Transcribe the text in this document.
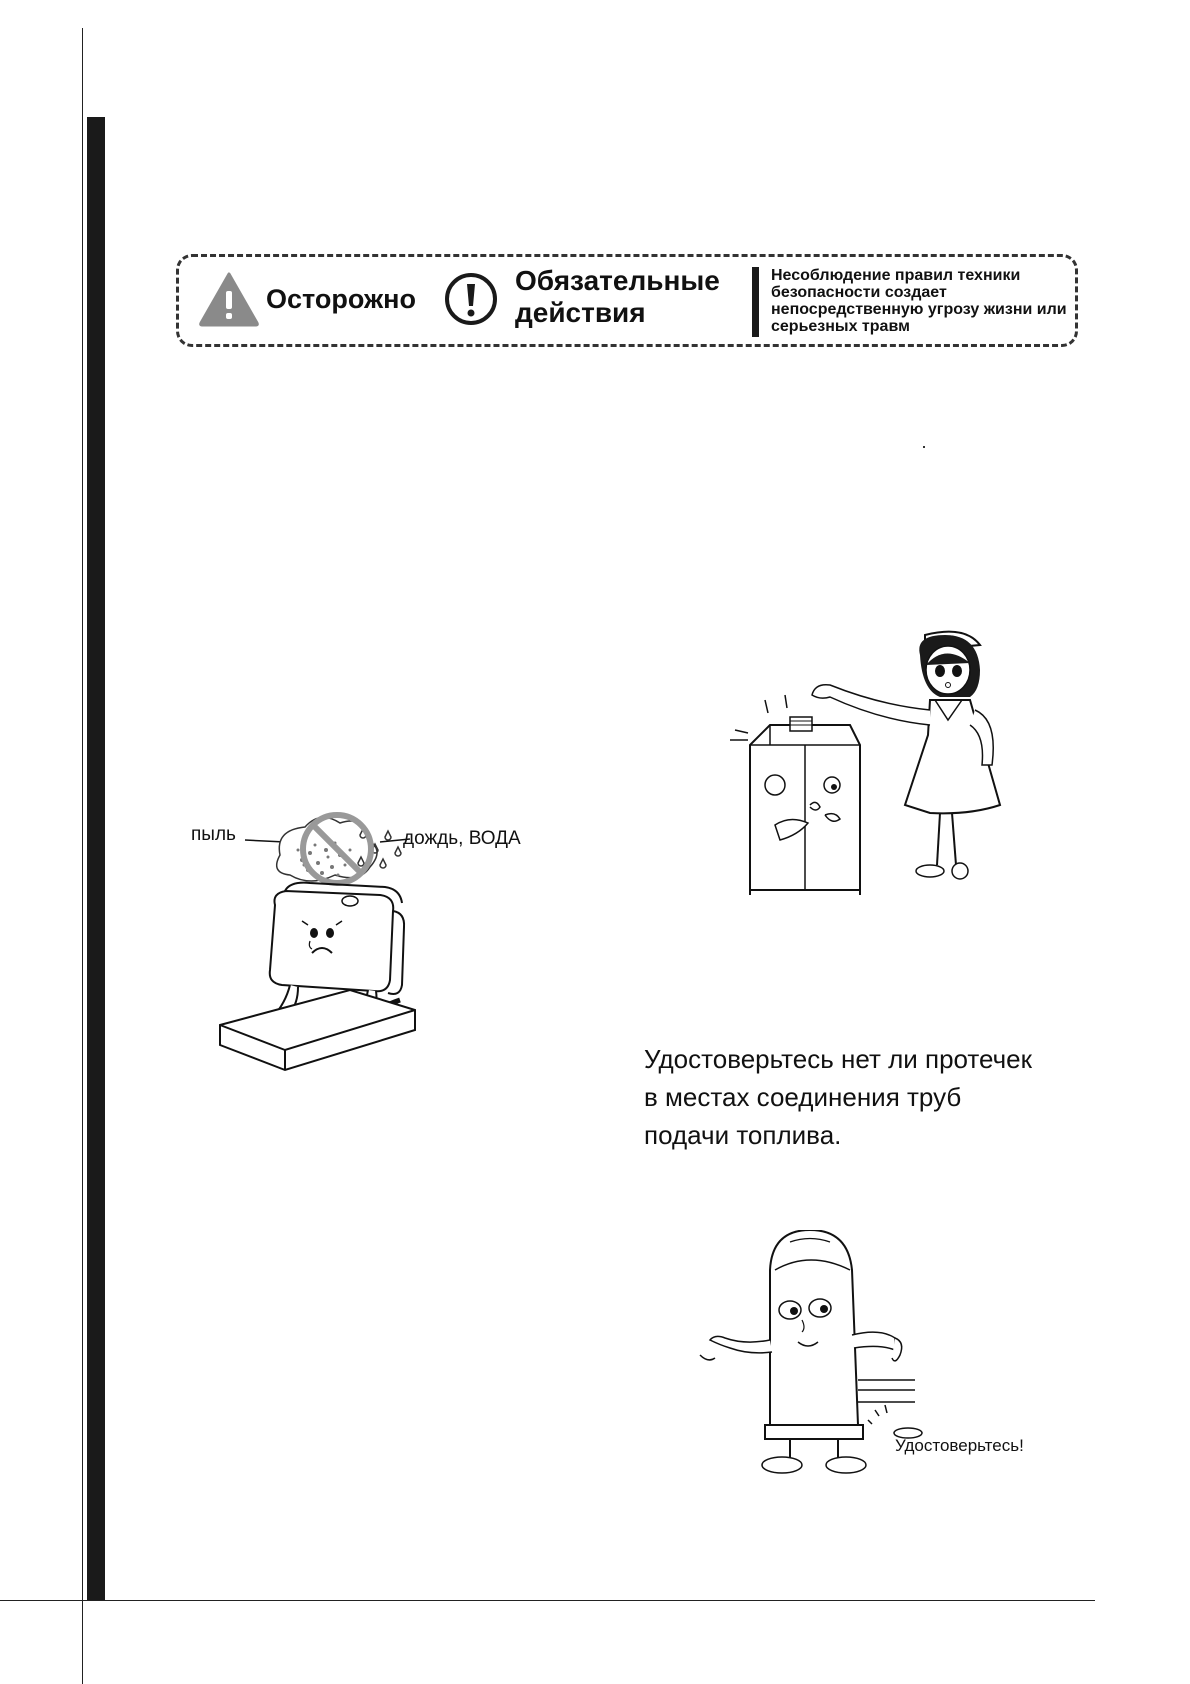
Осторожно
Обязательные
действия
Несоблюдение правил техники безопасности создает непосредственную угрозу жизни или серьезных травм
пыль	дождь, ВОДА
Удостоверьтесь нет ли протечек
в местах соединения труб
подачи топлива.
Удостоверьтесь!
